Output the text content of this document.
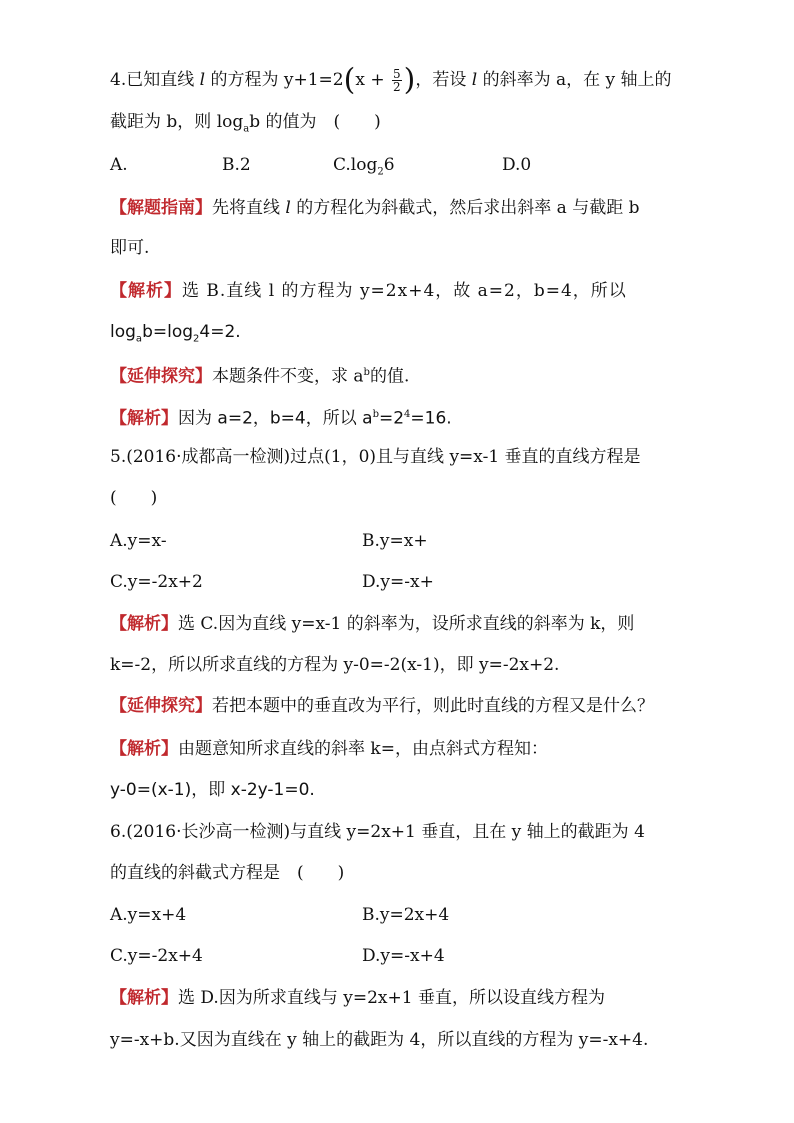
4.已知直线 l 的方程为 $y+1=2(x + \frac{5}{2}$ )，若设 l 的斜率为 a，在 y 轴上的
截距为 b，则 $\log_ab$ 的值为　(　　)
A.	B.2	$C.\log_26$	D.0
【解题指南】先将直线 l 的方程化为斜截式，然后求出斜率 a 与截距 b
即可.
【解析】选 B.直线 l 的方程为 y=2x+4，故 a=2，b=4，所以
$\log_ab=\log_24=2$.
【延伸探究】本题条件不变，求 $a^b$的值.
【解析】因为 a=2，b=4，所以 $a^b=2^4=16$.
5.(2016·成都高一检测)过点(1，0)且与直线 y=x-1 垂直的直线方程是
(　　)
A.y=x-	B.y=x+
C.y=-2x+2	D.y=-x+
【解析】选 C.因为直线 y=x-1 的斜率为，设所求直线的斜率为 k，则
k=-2，所以所求直线的方程为 y-0=-2(x-1)，即 y=-2x+2.
【延伸探究】若把本题中的垂直改为平行，则此时直线的方程又是什么？
【解析】由题意知所求直线的斜率 k=，由点斜式方程知：
y-0=(x-1)，即 x-2y-1=0.
6.(2016·长沙高一检测)与直线 y=2x+1 垂直，且在 y 轴上的截距为 4
的直线的斜截式方程是　(　　)
A.y=x+4	B.y=2x+4
C.y=-2x+4	D.y=-x+4
【解析】选 D.因为所求直线与 y=2x+1 垂直，所以设直线方程为
y=-x+b.又因为直线在 y 轴上的截距为 4，所以直线的方程为 y=-x+4.
